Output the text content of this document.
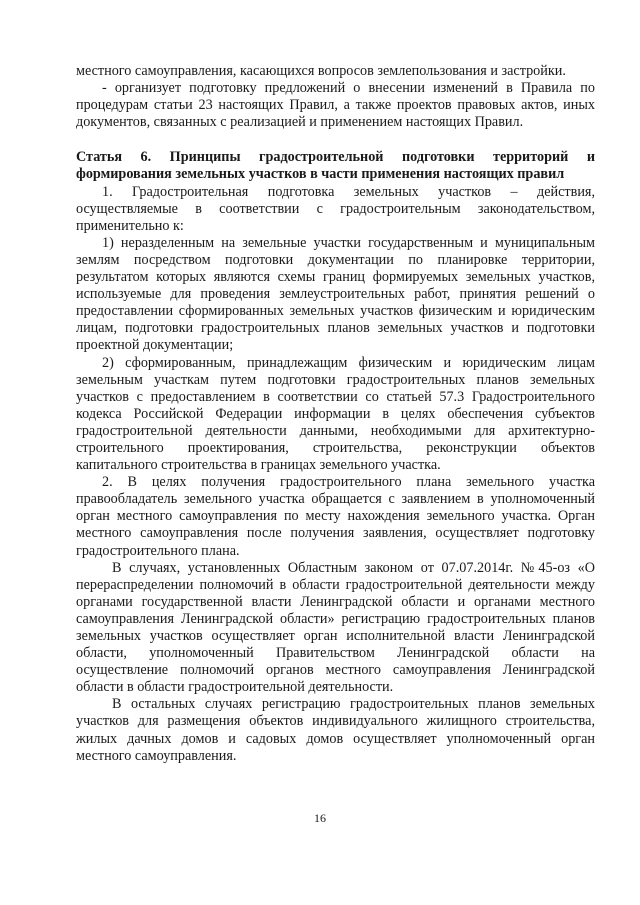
местного самоуправления, касающихся вопросов землепользования и застройки.

- организует подготовку предложений о внесении изменений в Правила по процедурам статьи 23 настоящих Правил, а также проектов правовых актов, иных документов, связанных с реализацией и применением настоящих Правил.

Статья 6. Принципы градостроительной подготовки территорий и формирования земельных участков в части применения настоящих правил

1. Градостроительная подготовка земельных участков – действия, осуществляемые в соответствии с градостроительным законодательством, применительно к:

1) неразделенным на земельные участки государственным и муниципальным землям посредством подготовки документации по планировке территории, результатом которых являются схемы границ формируемых земельных участков, используемые для проведения землеустроительных работ, принятия решений о предоставлении сформированных земельных участков физическим и юридическим лицам, подготовки градостроительных планов земельных участков и подготовки проектной документации;

2) сформированным, принадлежащим физическим и юридическим лицам земельным участкам путем подготовки градостроительных планов земельных участков с предоставлением в соответствии со статьей 57.3 Градостроительного кодекса Российской Федерации информации в целях обеспечения субъектов градостроительной деятельности данными, необходимыми для архитектурно-строительного проектирования, строительства, реконструкции объектов капитального строительства в границах земельного участка.

2. В целях получения градостроительного плана земельного участка правообладатель земельного участка обращается с заявлением в уполномоченный орган местного самоуправления по месту нахождения земельного участка. Орган местного самоуправления после получения заявления, осуществляет подготовку градостроительного плана.

В случаях, установленных Областным законом от 07.07.2014г. №45-оз «О перераспределении полномочий в области градостроительной деятельности между органами государственной власти Ленинградской области и органами местного самоуправления Ленинградской области» регистрацию градостроительных планов земельных участков осуществляет орган исполнительной власти Ленинградской области, уполномоченный Правительством Ленинградской области на осуществление полномочий органов местного самоуправления Ленинградской области в области градостроительной деятельности.

В остальных случаях регистрацию градостроительных планов земельных участков для размещения объектов индивидуального жилищного строительства, жилых дачных домов и садовых домов осуществляет уполномоченный орган местного самоуправления.

16
